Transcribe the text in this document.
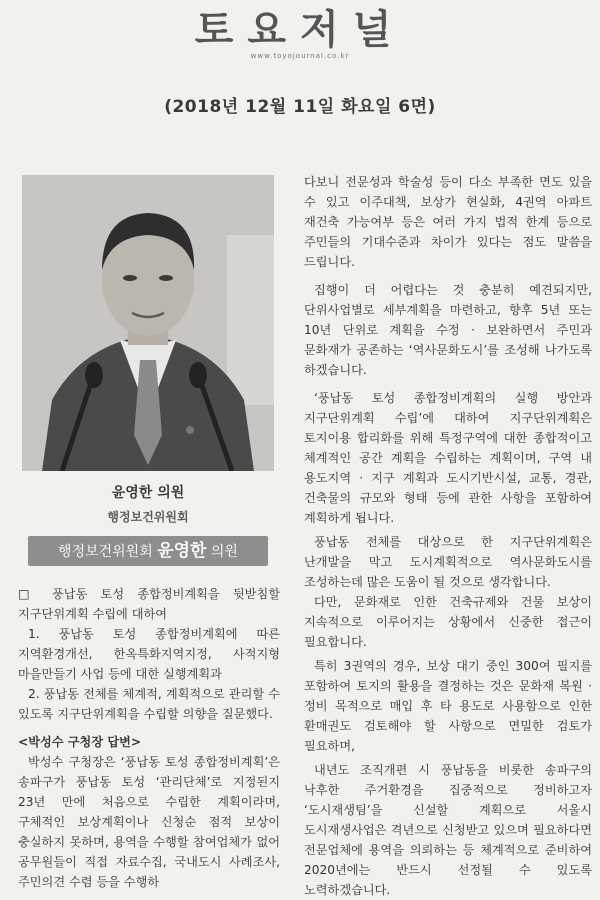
토요저널
www.toyojournal.co.kr
(2018년 12월 11일 화요일 6면)
윤영한 의원
행정보건위원회
행정보건위원회 윤영한 의원

□ 풍납동 토성 종합정비계획을 뒷받침할 지구단위계획 수립에 대하여

1. 풍납동 토성 종합정비계획에 따른 지역환경개선, 한옥특화지역지정, 사적지형 마을만들기 사업 등에 대한 실행계획과

2. 풍납동 전체를 체계적, 계획적으로 관리할 수 있도록 지구단위계획을 수립할 의향을 질문했다.

<박성수 구청장 답변>

박성수 구청장은 ‘풍납동 토성 종합정비계획’은 송파구가 풍납동 토성 ‘관리단체’로 지정된지 23년 만에 처음으로 수립한 계획이라며, 구체적인 보상계획이나 신청순 점적 보상이 충실하지 못하며, 용역을 수행할 참여업체가 없어 공무원들이 직접 자료수집, 국내도시 사례조사, 주민의견 수렴 등을 수행하

다보니 전문성과 학술성 등이 다소 부족한 면도 있을 수 있고 이주대책, 보상가 현실화, 4권역 아파트 재건축 가능여부 등은 여러 가지 법적 한계 등으로 주민들의 기대수준과 차이가 있다는 점도 말씀을 드립니다.

집행이 더 어렵다는 것 충분히 예견되지만, 단위사업별로 세부계획을 마련하고, 향후 5년 또는 10년 단위로 계획을 수정 · 보완하면서 주민과 문화재가 공존하는 ‘역사문화도시’를 조성해 나가도록 하겠습니다.

‘풍납동 토성 종합정비계획의 실행 방안과 지구단위계획 수립’에 대하여 지구단위계획은 토지이용 합리화를 위해 특정구역에 대한 종합적이고 체계적인 공간 계획을 수립하는 계획이며, 구역 내 용도지역 · 지구 계획과 도시기반시설, 교통, 경관, 건축물의 규모와 형태 등에 관한 사항을 포함하여 계획하게 됩니다.

풍납동 전체를 대상으로 한 지구단위계획은 난개발을 막고 도시계획적으로 역사문화도시를 조성하는데 많은 도움이 될 것으로 생각합니다.

다만, 문화재로 인한 건축규제와 건물 보상이 지속적으로 이루어지는 상황에서 신중한 접근이 필요합니다.

특히 3권역의 경우, 보상 대기 중인 300여 필지를 포함하여 토지의 활용을 결정하는 것은 문화재 복원 · 정비 목적으로 매입 후 타 용도로 사용함으로 인한 환매권도 검토해야 할 사항으로 면밀한 검토가 필요하며,

내년도 조직개편 시 풍납동을 비롯한 송파구의 낙후한 주거환경을 집중적으로 정비하고자 ‘도시재생팀’을 신설할 계획으로 서울시 도시재생사업은 격년으로 신청받고 있으며 필요하다면 전문업체에 용역을 의뢰하는 등 체계적으로 준비하여 2020년에는 반드시 선정될 수 있도록 노력하겠습니다.
